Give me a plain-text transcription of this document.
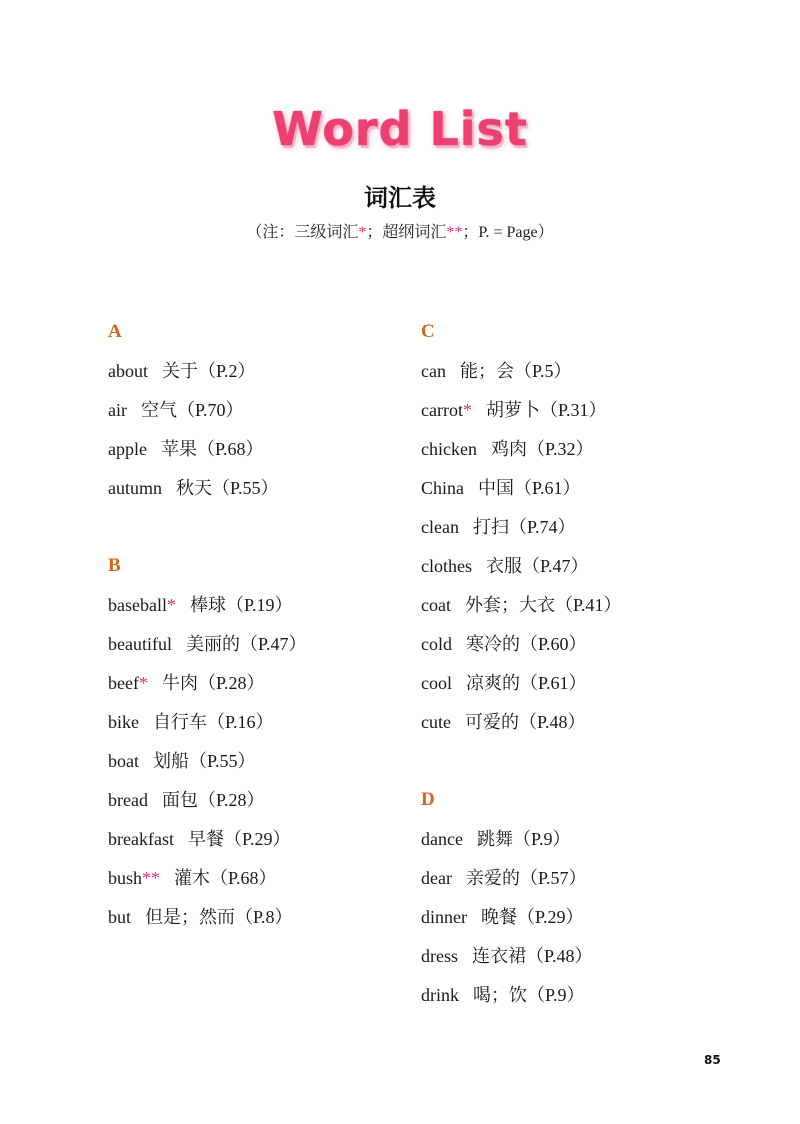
Word List
词汇表
（注：三级词汇*；超纲词汇**；P. = Page）
A
about 关于（P.2）
air 空气（P.70）
apple 苹果（P.68）
autumn 秋天（P.55）
B
baseball* 棒球（P.19）
beautiful 美丽的（P.47）
beef* 牛肉（P.28）
bike 自行车（P.16）
boat 划船（P.55）
bread 面包（P.28）
breakfast 早餐（P.29）
bush** 灌木（P.68）
but 但是；然而（P.8）
C
can 能；会（P.5）
carrot* 胡萝卜（P.31）
chicken 鸡肉（P.32）
China 中国（P.61）
clean 打扫（P.74）
clothes 衣服（P.47）
coat 外套；大衣（P.41）
cold 寒冷的（P.60）
cool 凉爽的（P.61）
cute 可爱的（P.48）
D
dance 跳舞（P.9）
dear 亲爱的（P.57）
dinner 晚餐（P.29）
dress 连衣裙（P.48）
drink 喝；饮（P.9）
85
